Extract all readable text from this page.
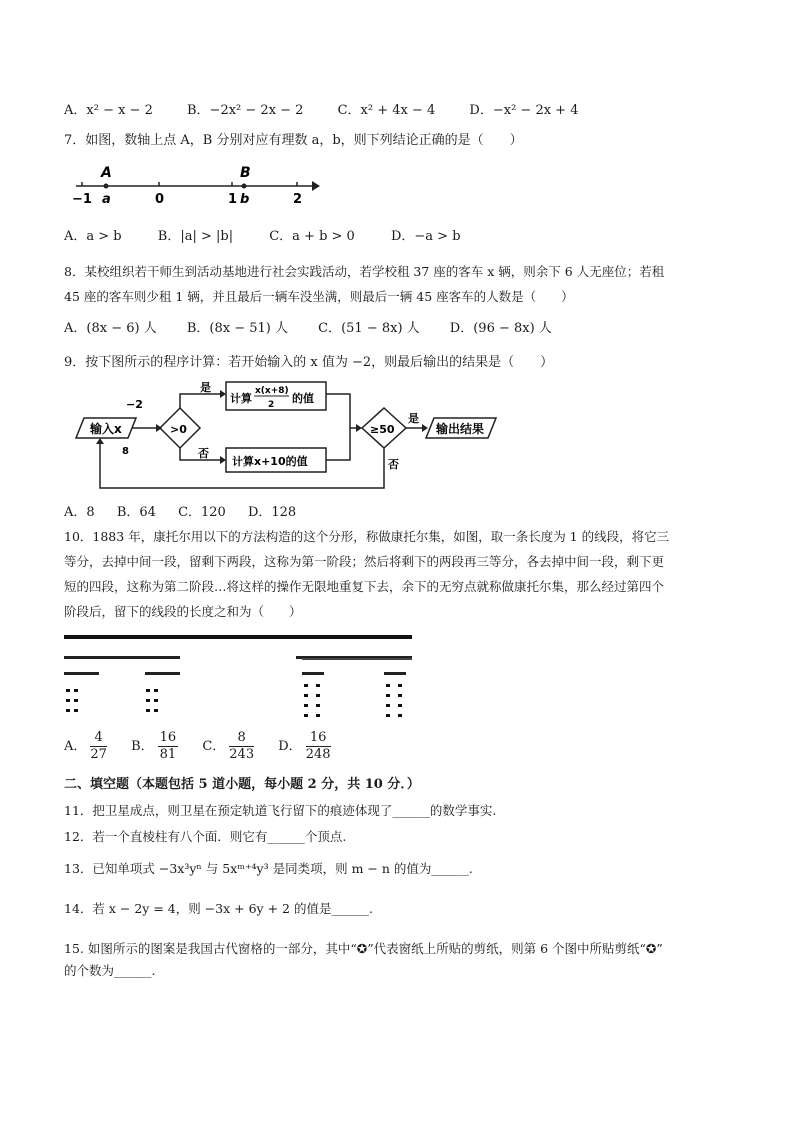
A．x² − x − 2	B．−2x² − 2x − 2	C．x² + 4x − 4	D．−x² − 2x + 4
7．如图，数轴上点 A，B 分别对应有理数 a，b，则下列结论正确的是（　　）
A	B
−1 a	0	1 b	2
A．a > b	B．|a| > |b|	C．a + b > 0	D．−a > b
8．某校组织若干师生到活动基地进行社会实践活动，若学校租 37 座的客车 x 辆，则余下 6 人无座位；若租
45 座的客车则少租 1 辆，并且最后一辆车没坐满，则最后一辆 45 座客车的人数是（　　）
A．(8x − 6) 人 B．(8x − 51) 人 C．(51 − 8x) 人 D．(96 − 8x) 人
9．按下图所示的程序计算：若开始输入的 x 值为 −2，则最后输出的结果是（　　）
输入x
−2
8
>0
是
否
计算
x(x+8)
2 的值
计算x+10的值
≥50
是
输出结果
否
A．8 B．64 C．120 D．128
10．1883 年，康托尔用以下的方法构造的这个分形，称做康托尔集，如图，取一条长度为 1 的线段，将它三
等分，去掉中间一段，留剩下两段，这称为第一阶段；然后将剩下的两段再三等分，各去掉中间一段，剩下更
短的四段，这称为第二阶段…将这样的操作无限地重复下去，余下的无穷点就称做康托尔集，那么经过第四个
阶段后，留下的线段的长度之和为（　　）
A． $\frac{4}{27}$ B． $\frac{16}{81}$ C． $\frac{8}{243}$ D． $\frac{16}{248}$
二、填空题（本题包括 5 道小题，每小题 2 分，共 10 分．）
11．把卫星成点，则卫星在预定轨道飞行留下的痕迹体现了______的数学事实.
12．若一个直棱柱有八个面．则它有______个顶点.
13．已知单项式 −3x³yⁿ 与 5xᵐ⁺⁴y³ 是同类项，则 m − n 的值为______.
14．若 x − 2y = 4，则 −3x + 6y + 2 的值是______.
15. 如图所示的图案是我国古代窗格的一部分，其中“✪”代表窗纸上所贴的剪纸，则第 6 个图中所贴剪纸“✪”
的个数为______.
